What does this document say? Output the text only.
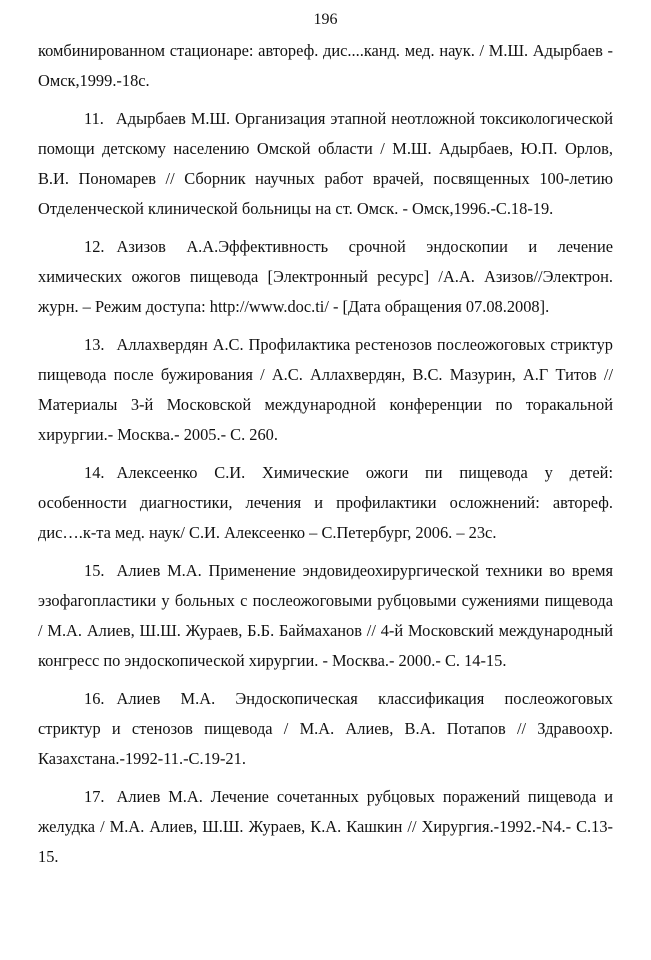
196

комбинированном стационаре: автореф. дис....канд. мед. наук. / М.Ш. Адырбаев - Омск,1999.-18с.

11. Адырбаев М.Ш. Организация этапной неотложной токсикологической помощи детскому населению Омской области / М.Ш. Адырбаев, Ю.П. Орлов, В.И. Пономарев // Сборник научных работ врачей, посвященных 100-летию Отделенческой клинической больницы на ст. Омск. - Омск,1996.-С.18-19.

12. Азизов А.А.Эффективность срочной эндоскопии и лечение химических ожогов пищевода [Электронный ресурс] /А.А. Азизов//Электрон. журн. – Режим доступа: http://www.doc.ti/ - [Дата обращения 07.08.2008].

13. Аллахвердян А.С. Профилактика рестенозов послеожоговых стриктур пищевода после бужирования / А.С. Аллахвердян, В.С. Мазурин, А.Г Титов // Материалы 3-й Московской международной конференции по торакальной хирургии.- Москва.- 2005.- С. 260.

14. Алексеенко С.И. Химические ожоги пи пищевода у детей: особенности диагностики, лечения и профилактики осложнений: автореф. дис….к-та мед. наук/ С.И. Алексеенко – С.Петербург, 2006. – 23с.

15. Алиев М.А. Применение эндовидеохирургической техники во время эзофагопластики у больных с послеожоговыми рубцовыми сужениями пищевода / М.А. Алиев, Ш.Ш. Жураев, Б.Б. Баймаханов // 4-й Московский международный конгресс по эндоскопической хирургии. - Москва.- 2000.- С. 14-15.

16. Алиев М.А. Эндоскопическая классификация послеожоговых стриктур и стенозов пищевода / М.А. Алиев, В.А. Потапов // Здравоохр. Казахстана.-1992-11.-С.19-21.

17. Алиев М.А. Лечение сочетанных рубцовых поражений пищевода и желудка / М.А. Алиев, Ш.Ш. Жураев, К.А. Кашкин // Хирургия.-1992.-N4.- С.13-15.
